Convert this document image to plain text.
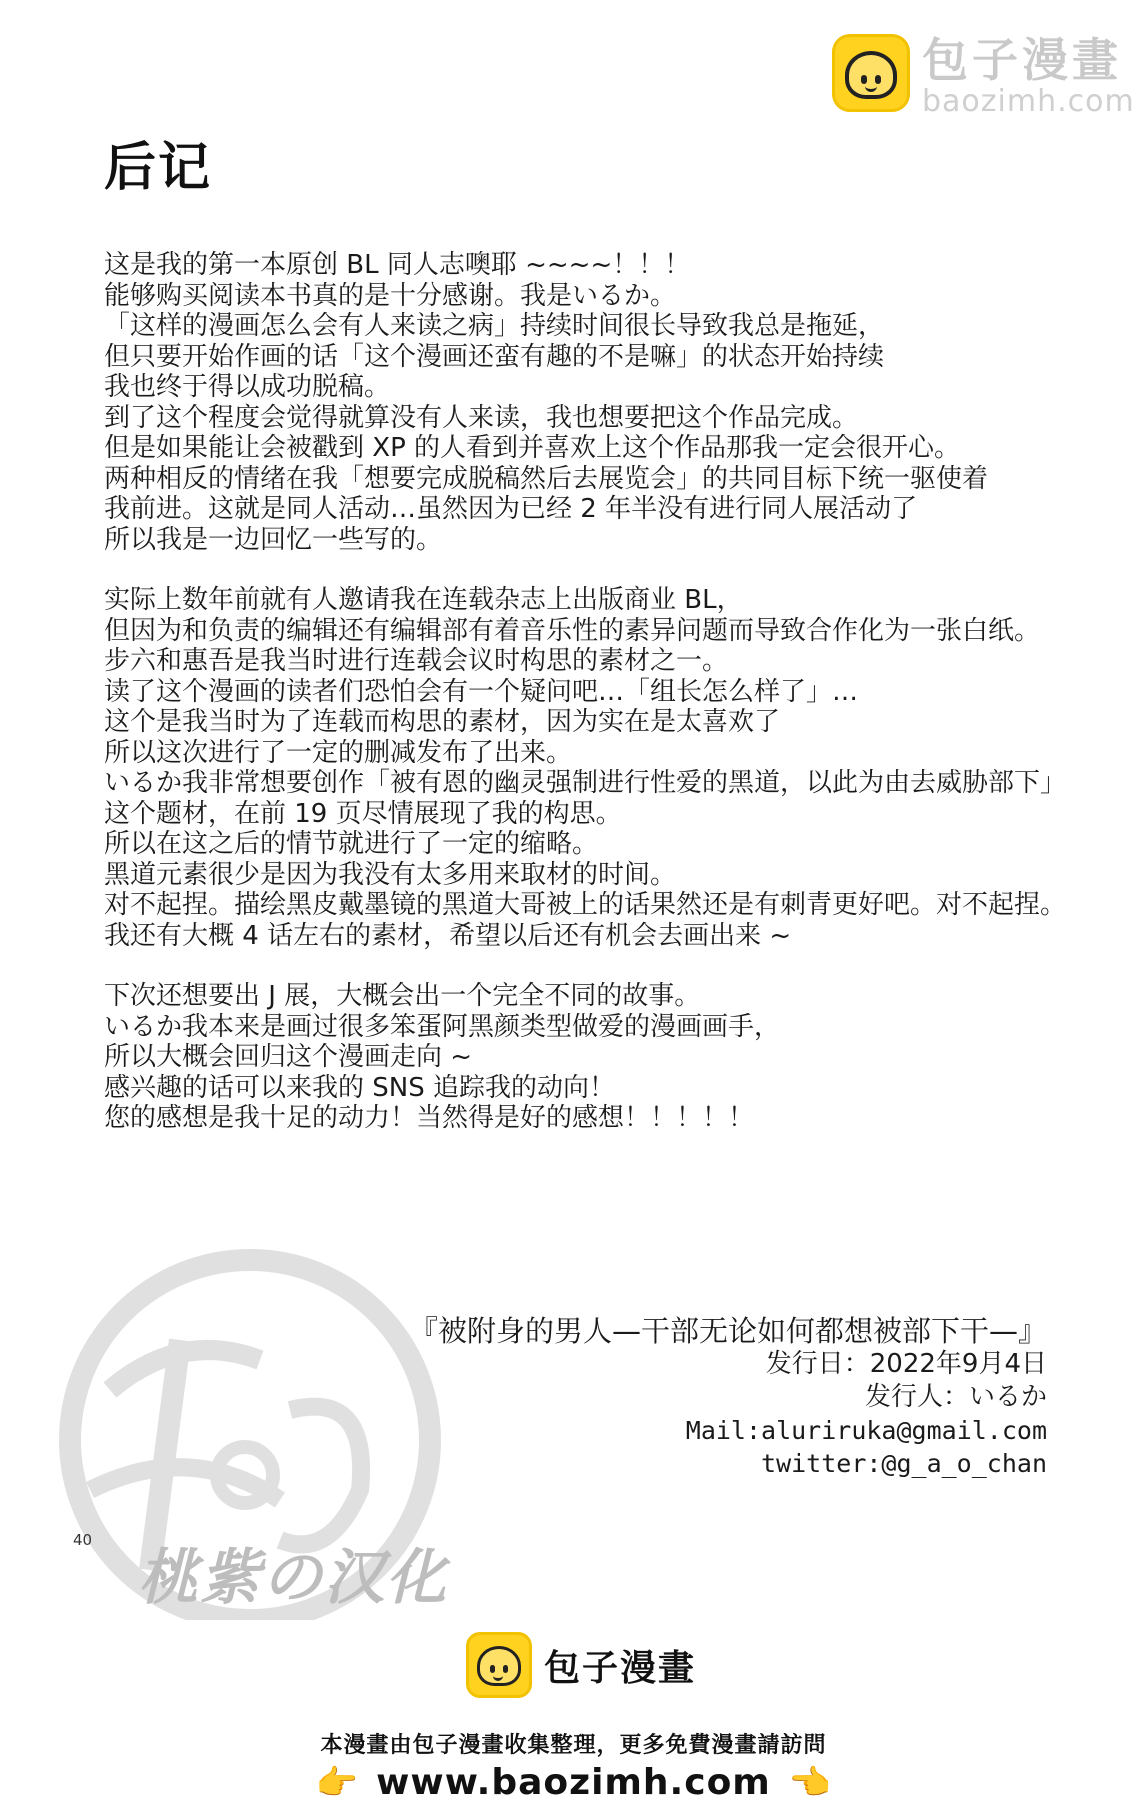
包子漫畫
baozimh.com
后记
这是我的第一本原创 BL 同人志噢耶 ~~~~！！！
能够购买阅读本书真的是十分感谢。我是いるか。
「这样的漫画怎么会有人来读之病」持续时间很长导致我总是拖延，
但只要开始作画的话「这个漫画还蛮有趣的不是嘛」的状态开始持续
我也终于得以成功脱稿。
到了这个程度会觉得就算没有人来读，我也想要把这个作品完成。
但是如果能让会被戳到 XP 的人看到并喜欢上这个作品那我一定会很开心。
两种相反的情绪在我「想要完成脱稿然后去展览会」的共同目标下统一驱使着
我前进。这就是同人活动…虽然因为已经 2 年半没有进行同人展活动了
所以我是一边回忆一些写的。
实际上数年前就有人邀请我在连载杂志上出版商业 BL，
但因为和负责的编辑还有编辑部有着音乐性的素异问题而导致合作化为一张白纸。
步六和惠吾是我当时进行连载会议时构思的素材之一。
读了这个漫画的读者们恐怕会有一个疑问吧…「组长怎么样了」…
这个是我当时为了连载而构思的素材，因为实在是太喜欢了
所以这次进行了一定的删减发布了出来。
いるか我非常想要创作「被有恩的幽灵强制进行性爱的黑道，以此为由去威胁部下」
这个题材，在前 19 页尽情展现了我的构思。
所以在这之后的情节就进行了一定的缩略。
黑道元素很少是因为我没有太多用来取材的时间。
对不起捏。描绘黑皮戴墨镜的黑道大哥被上的话果然还是有刺青更好吧。对不起捏。
我还有大概 4 话左右的素材，希望以后还有机会去画出来 ~
下次还想要出 J 展，大概会出一个完全不同的故事。
いるか我本来是画过很多笨蛋阿黑颜类型做爱的漫画画手，
所以大概会回归这个漫画走向 ~
感兴趣的话可以来我的 SNS 追踪我的动向！
您的感想是我十足的动力！当然得是好的感想！！！！！
桃紫の汉化
『被附身的男人—干部无论如何都想被部下干—』
发行日：2022年9月4日
发行人：いるか
Mail:aluriruka@gmail.com
twitter:@g_a_o_chan
40
包子漫畫
本漫畫由包子漫畫收集整理，更多免費漫畫請訪問
👉 www.baozimh.com 👈
